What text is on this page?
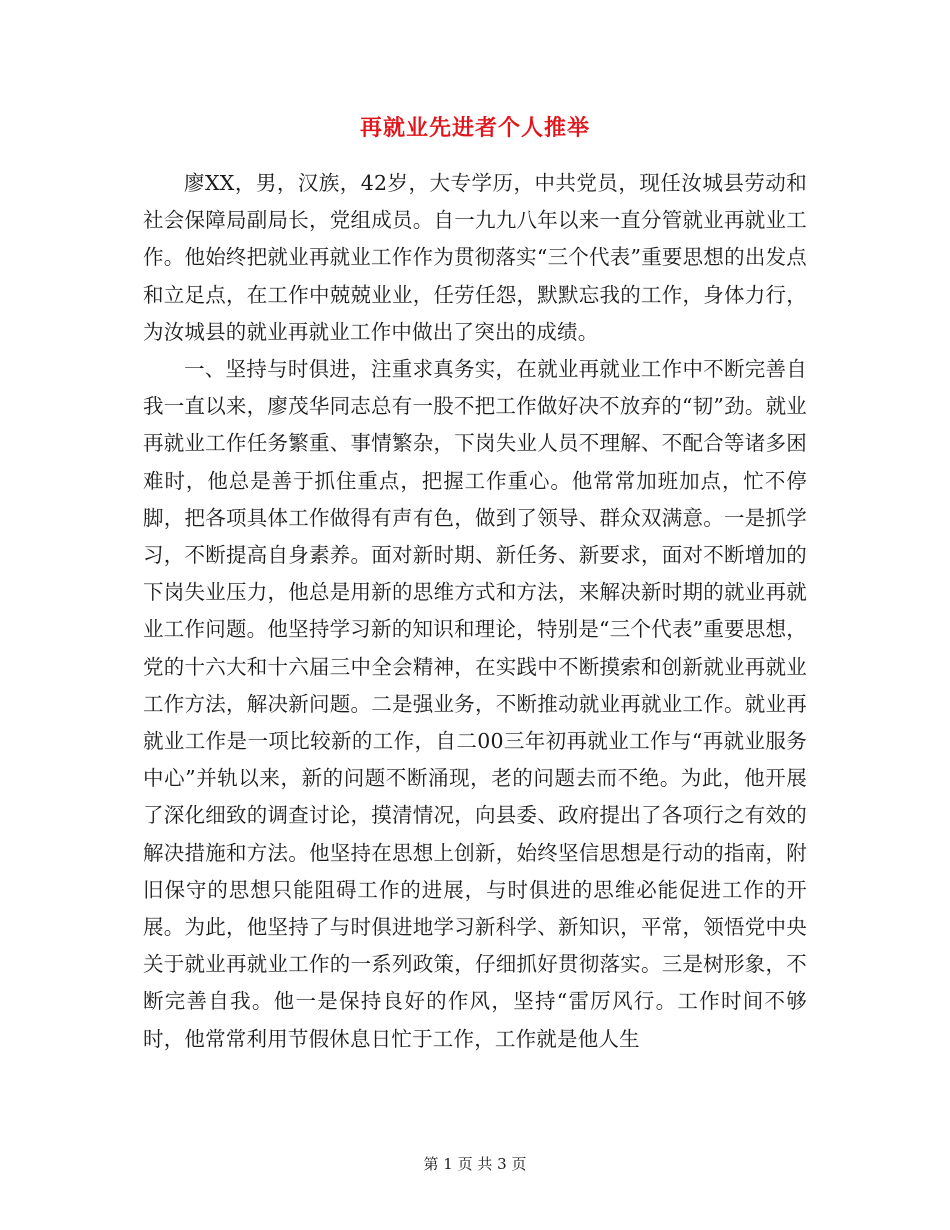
再就业先进者个人推举

廖XX，男，汉族，42岁，大专学历，中共党员，现任汝城县劳动和社会保障局副局长，党组成员。自一九九八年以来一直分管就业再就业工作。他始终把就业再就业工作作为贯彻落实“三个代表”重要思想的出发点和立足点，在工作中兢兢业业，任劳任怨，默默忘我的工作，身体力行，为汝城县的就业再就业工作中做出了突出的成绩。

一、坚持与时俱进，注重求真务实，在就业再就业工作中不断完善自我一直以来，廖茂华同志总有一股不把工作做好决不放弃的“韧”劲。就业再就业工作任务繁重、事情繁杂，下岗失业人员不理解、不配合等诸多困难时，他总是善于抓住重点，把握工作重心。他常常加班加点，忙不停脚，把各项具体工作做得有声有色，做到了领导、群众双满意。一是抓学习，不断提高自身素养。面对新时期、新任务、新要求，面对不断增加的下岗失业压力，他总是用新的思维方式和方法，来解决新时期的就业再就业工作问题。他坚持学习新的知识和理论，特别是“三个代表”重要思想，党的十六大和十六届三中全会精神，在实践中不断摸索和创新就业再就业工作方法，解决新问题。二是强业务，不断推动就业再就业工作。就业再就业工作是一项比较新的工作，自二00三年初再就业工作与“再就业服务中心”并轨以来，新的问题不断涌现，老的问题去而不绝。为此，他开展了深化细致的调查讨论，摸清情况，向县委、政府提出了各项行之有效的解决措施和方法。他坚持在思想上创新，始终坚信思想是行动的指南，附旧保守的思想只能阻碍工作的进展，与时俱进的思维必能促进工作的开展。为此，他坚持了与时俱进地学习新科学、新知识，平常，领悟党中央关于就业再就业工作的一系列政策，仔细抓好贯彻落实。三是树形象，不断完善自我。他一是保持良好的作风，坚持“雷厉风行。工作时间不够时，他常常利用节假休息日忙于工作，工作就是他人生

第 1 页 共 3 页
